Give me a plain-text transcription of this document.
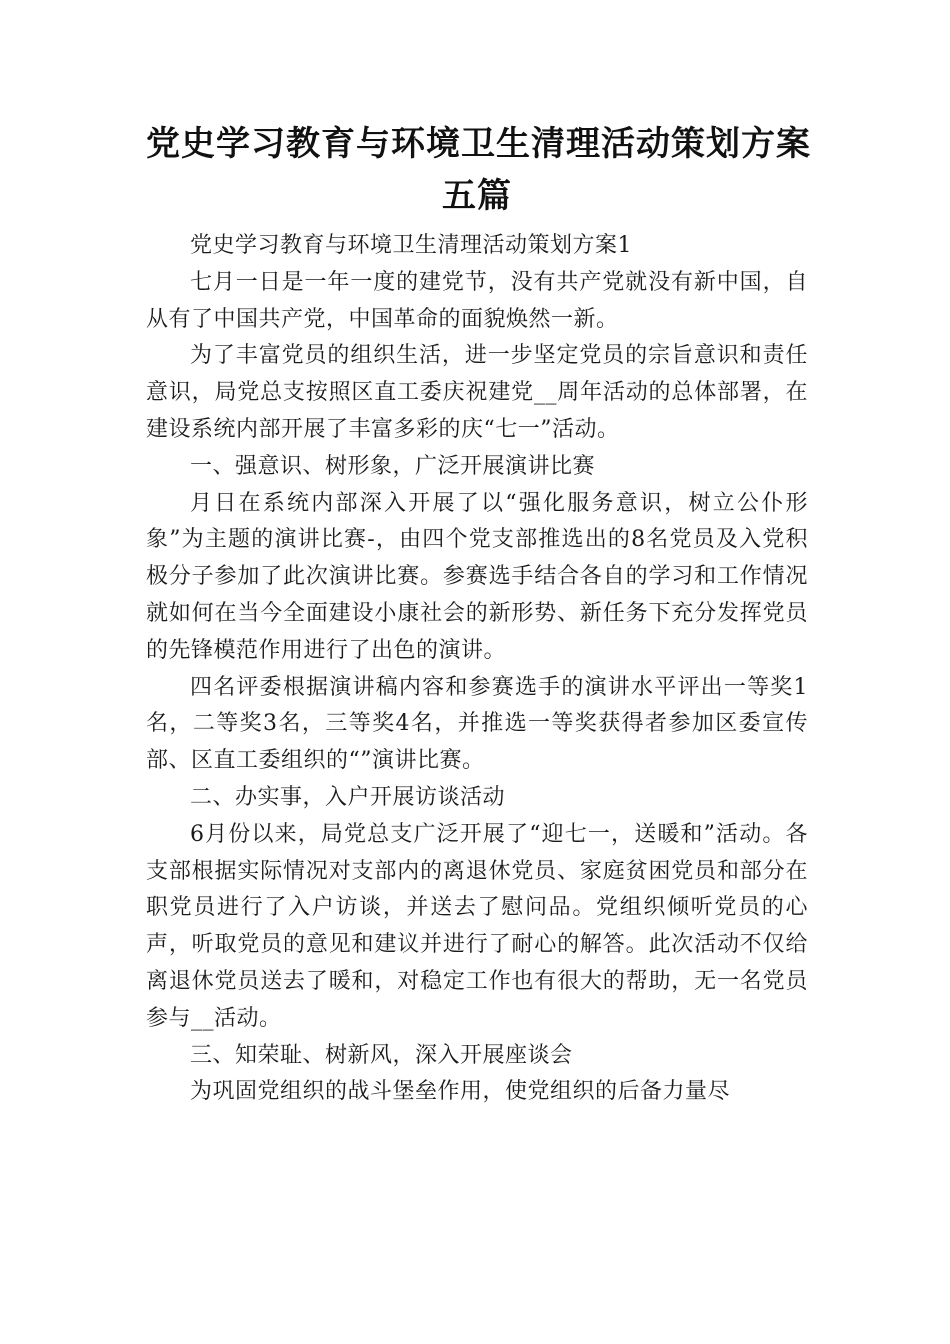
党史学习教育与环境卫生清理活动策划方案
五篇

党史学习教育与环境卫生清理活动策划方案1

七月一日是一年一度的建党节，没有共产党就没有新中国，自从有了中国共产党，中国革命的面貌焕然一新。

为了丰富党员的组织生活，进一步坚定党员的宗旨意识和责任意识，局党总支按照区直工委庆祝建党__周年活动的总体部署，在建设系统内部开展了丰富多彩的庆“七一”活动。

一、强意识、树形象，广泛开展演讲比赛

月日在系统内部深入开展了以“强化服务意识，树立公仆形象”为主题的演讲比赛-，由四个党支部推选出的8名党员及入党积极分子参加了此次演讲比赛。参赛选手结合各自的学习和工作情况就如何在当今全面建设小康社会的新形势、新任务下充分发挥党员的先锋模范作用进行了出色的演讲。

四名评委根据演讲稿内容和参赛选手的演讲水平评出一等奖1名，二等奖3名，三等奖4名，并推选一等奖获得者参加区委宣传部、区直工委组织的“”演讲比赛。

二、办实事，入户开展访谈活动

6月份以来，局党总支广泛开展了“迎七一，送暖和”活动。各支部根据实际情况对支部内的离退休党员、家庭贫困党员和部分在职党员进行了入户访谈，并送去了慰问品。党组织倾听党员的心声，听取党员的意见和建议并进行了耐心的解答。此次活动不仅给离退休党员送去了暖和，对稳定工作也有很大的帮助，无一名党员参与__活动。

三、知荣耻、树新风，深入开展座谈会

为巩固党组织的战斗堡垒作用，使党组织的后备力量尽
